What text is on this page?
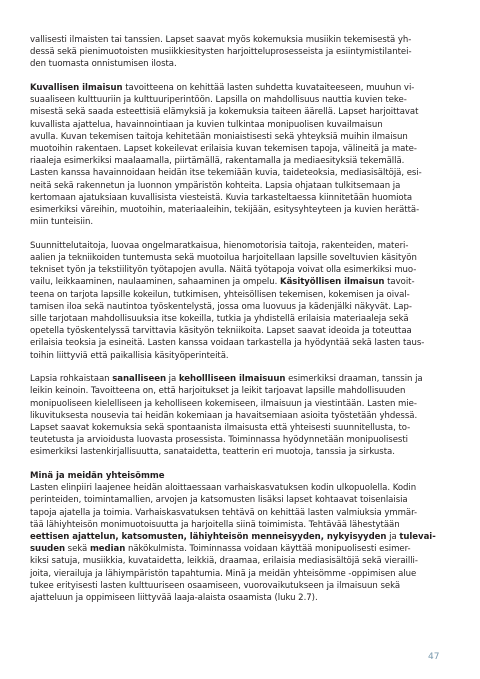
vallisesti ilmaisten tai tanssien. Lapset saavat myös kokemuksia musiikin tekemisestä yh-
dessä sekä pienimuotoisten musiikkiesitysten harjoitteluprosesseista ja esiintymistilantei-
den tuomasta onnistumisen ilosta.
Kuvallisen ilmaisun tavoitteena on kehittää lasten suhdetta kuvataiteeseen, muuhun vi-
suaaliseen kulttuuriin ja kulttuuriperintöön. Lapsilla on mahdollisuus nauttia kuvien teke-
misestä sekä saada esteettisiä elämyksiä ja kokemuksia taiteen äärellä. Lapset harjoittavat
kuvallista ajattelua, havainnointiaan ja kuvien tulkintaa monipuolisen kuvailmaisun
avulla. Kuvan tekemisen taitoja kehitetään moniaistisesti sekä yhteyksiä muihin ilmaisun
muotoihin rakentaen. Lapset kokeilevat erilaisia kuvan tekemisen tapoja, välineitä ja mate-
riaaleja esimerkiksi maalaamalla, piirtämällä, rakentamalla ja mediaesityksiä tekemällä.
Lasten kanssa havainnoidaan heidän itse tekemiään kuvia, taideteoksia, mediasisältöjä, esi-
neitä sekä rakennetun ja luonnon ympäristön kohteita. Lapsia ohjataan tulkitsemaan ja
kertomaan ajatuksiaan kuvallisista viesteistä. Kuvia tarkasteltaessa kiinnitetään huomiota
esimerkiksi väreihin, muotoihin, materiaaleihin, tekijään, esitysyhteyteen ja kuvien herättä-
miin tunteisiin.
Suunnittelutaitoja, luovaa ongelmaratkaisua, hienomotorisia taitoja, rakenteiden, materi-
aalien ja tekniikoiden tuntemusta sekä muotoilua harjoitellaan lapsille soveltuvien käsityön
tekniset työn ja tekstiilityön työtapojen avulla. Näitä työtapoja voivat olla esimerkiksi muo-
vailu, leikkaaminen, naulaaminen, sahaaminen ja ompelu. Käsityöllisen ilmaisun tavoit-
teena on tarjota lapsille kokeilun, tutkimisen, yhteisöllisen tekemisen, kokemisen ja oival-
tamisen iloa sekä nautintoa työskentelystä, jossa oma luovuus ja kädenjälki näkyvät. Lap-
sille tarjotaan mahdollisuuksia itse kokeilla, tutkia ja yhdistellä erilaisia materiaaleja sekä
opetella työskentelyssä tarvittavia käsityön tekniikoita. Lapset saavat ideoida ja toteuttaa
erilaisia teoksia ja esineitä. Lasten kanssa voidaan tarkastella ja hyödyntää sekä lasten taus-
toihin liittyviä että paikallisia käsityöperinteitä.
Lapsia rohkaistaan sanalliseen ja kehollliseen ilmaisuun esimerkiksi draaman, tanssin ja
leikin keinoin. Tavoitteena on, että harjoitukset ja leikit tarjoavat lapsille mahdollisuuden
monipuoliseen kielelliseen ja keholliseen kokemiseen, ilmaisuun ja viestintään. Lasten mie-
likuvituksesta nousevia tai heidän kokemiaan ja havaitsemiaan asioita työstetään yhdessä.
Lapset saavat kokemuksia sekä spontaanista ilmaisusta että yhteisesti suunnitellusta, to-
teutetusta ja arvioidusta luovasta prosessista. Toiminnassa hyödynnetään monipuolisesti
esimerkiksi lastenkirjallisuutta, sanataidetta, teatterin eri muotoja, tanssia ja sirkusta.
Minä ja meidän yhteisömme
Lasten elinpiiri laajenee heidän aloittaessaan varhaiskasvatuksen kodin ulkopuolella. Kodin
perinteiden, toimintamallien, arvojen ja katsomusten lisäksi lapset kohtaavat toisenlaisia
tapoja ajatella ja toimia. Varhaiskasvatuksen tehtävä on kehittää lasten valmiuksia ymmär-
tää lähiyhteisön monimuotoisuutta ja harjoitella siinä toimimista. Tehtävää lähestytään
eettisen ajattelun, katsomusten, lähiyhteisön menneisyyden, nykyisyyden ja tulevai-
suuden sekä median näkökulmista. Toiminnassa voidaan käyttää monipuolisesti esimer-
kiksi satuja, musiikkia, kuvataidetta, leikkiä, draamaa, erilaisia mediasisältöjä sekä vierailli-
joita, vierailuja ja lähiympäristön tapahtumia. Minä ja meidän yhteisömme -oppimisen alue
tukee erityisesti lasten kulttuuriseen osaamiseen, vuorovaikutukseen ja ilmaisuun sekä
ajatteluun ja oppimiseen liittyvää laaja-alaista osaamista (luku 2.7).
47
